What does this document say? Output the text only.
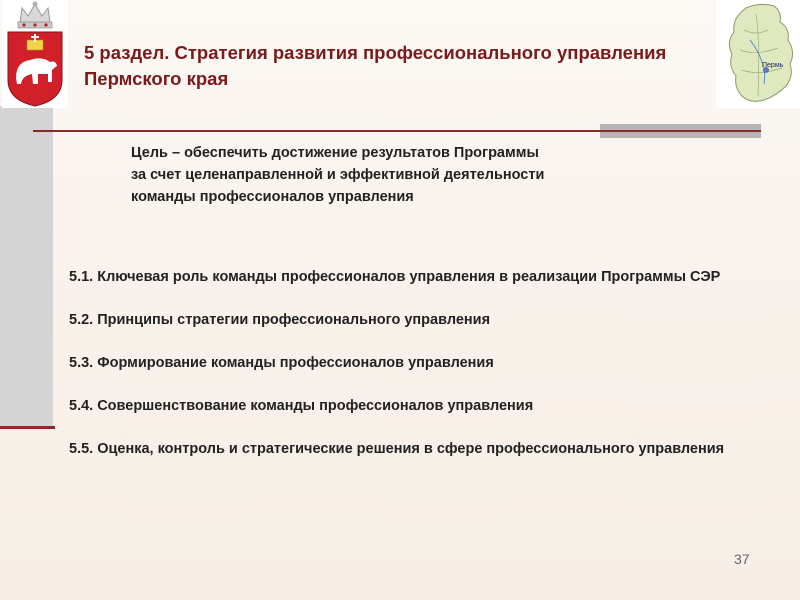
Пермь
5 раздел. Стратегия развития профессионального управления Пермского края
Цель – обеспечить достижение результатов Программы за счет целенаправленной и эффективной деятельности команды профессионалов управления
5.1. Ключевая роль команды профессионалов управления в реализации Программы СЭР
5.2. Принципы стратегии профессионального управления
5.3. Формирование команды профессионалов управления
5.4. Совершенствование команды профессионалов управления
5.5. Оценка, контроль и стратегические решения в сфере профессионального управления
37
